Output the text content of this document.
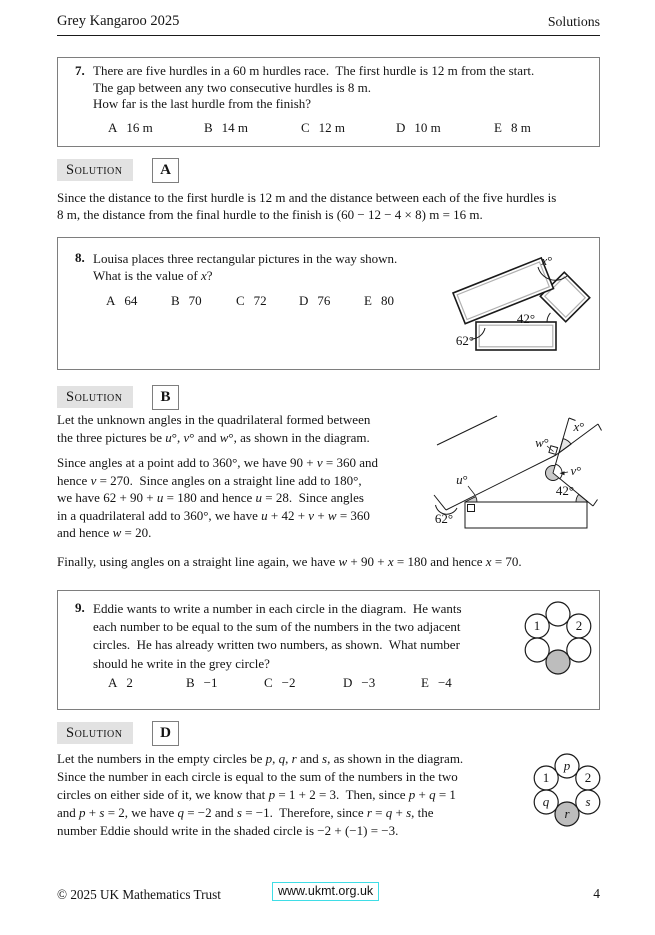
Grey Kangaroo 2025	Solutions
7. There are five hurdles in a 60 m hurdles race.  The first hurdle is 12 m from the start.
The gap between any two consecutive hurdles is 8 m.
How far is the last hurdle from the finish?
A 16 m	B 14 m	C 12 m	D 10 m	E 8 m
Solution	A
Since the distance to the first hurdle is 12 m and the distance between each of the five hurdles is
8 m, the distance from the final hurdle to the finish is (60 − 12 − 4 × 8) m = 16 m.
8. Louisa places three rectangular pictures in the way shown.
What is the value of x?
A 64	B 70	C 72 D 76	E 80
x°
42°
62°
Solution	B
Let the unknown angles in the quadrilateral formed between
the three pictures be u°, v° and w°, as shown in the diagram.
Since angles at a point add to 360°, we have 90 + v = 360 and
hence v = 270.  Since angles on a straight line add to 180°,
we have 62 + 90 + u = 180 and hence u = 28.  Since angles
in a quadrilateral add to 360°, we have u + 42 + v + w = 360
and hence w = 20.
u°
62°
w°
x°
v°
42°
Finally, using angles on a straight line again, we have w + 90 + x = 180 and hence x = 70.
9. Eddie wants to write a number in each circle in the diagram.  He wants
each number to be equal to the sum of the numbers in the two adjacent
circles.  He has already written two numbers, as shown.  What number
should he write in the grey circle?
A 2	B −1	C −2	D −3	E −4
1	2
Solution	D
Let the numbers in the empty circles be p, q, r and s, as shown in the diagram.
Since the number in each circle is equal to the sum of the numbers in the two
circles on either side of it, we know that p = 1 + 2 = 3.  Then, since p + q = 1
and p + s = 2, we have q = −2 and s = −1.  Therefore, since r = q + s, the
number Eddie should write in the shaded circle is −2 + (−1) = −3.
p
1	2
q	s
r
© 2025 UK Mathematics Trust	www.ukmt.org.uk	4
